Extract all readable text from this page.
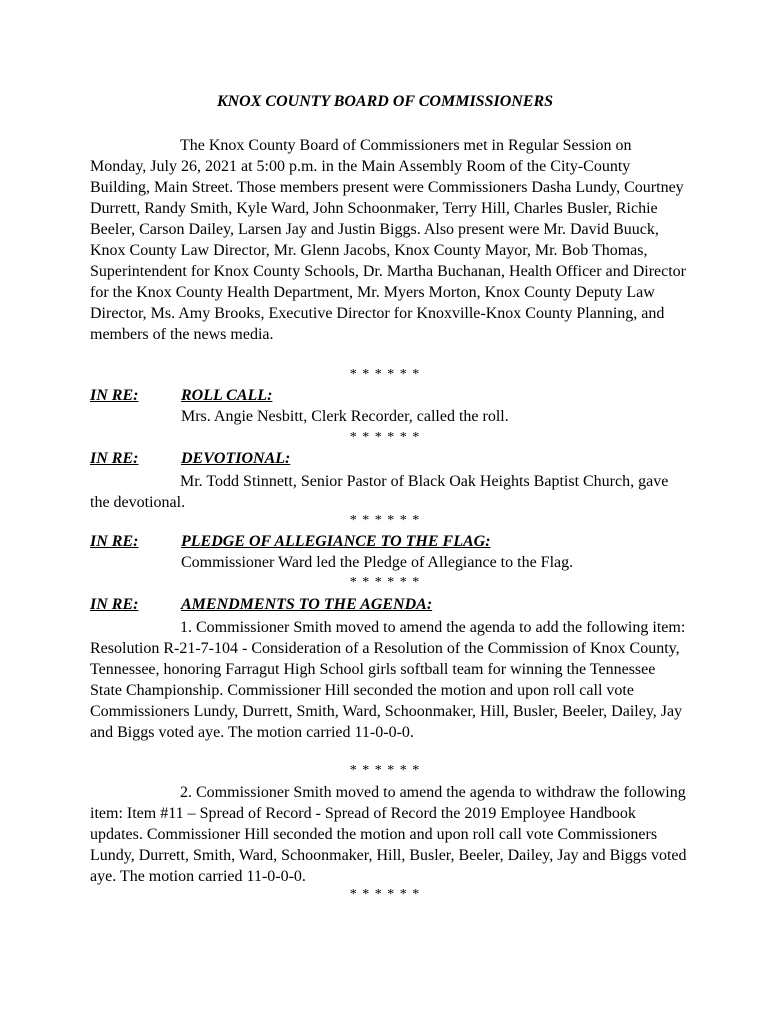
KNOX COUNTY BOARD OF COMMISSIONERS

The Knox County Board of Commissioners met in Regular Session on Monday, July 26, 2021 at 5:00 p.m. in the Main Assembly Room of the City-County Building, Main Street. Those members present were Commissioners Dasha Lundy, Courtney Durrett, Randy Smith, Kyle Ward, John Schoonmaker, Terry Hill, Charles Busler, Richie Beeler, Carson Dailey, Larsen Jay and Justin Biggs. Also present were Mr. David Buuck, Knox County Law Director, Mr. Glenn Jacobs, Knox County Mayor, Mr. Bob Thomas, Superintendent for Knox County Schools, Dr. Martha Buchanan, Health Officer and Director for the Knox County Health Department, Mr. Myers Morton, Knox County Deputy Law Director, Ms. Amy Brooks, Executive Director for Knoxville-Knox County Planning, and members of the news media.

* * * * * *
IN RE:	ROLL CALL:
Mrs. Angie Nesbitt, Clerk Recorder, called the roll.
* * * * * *
IN RE:	DEVOTIONAL:

Mr. Todd Stinnett, Senior Pastor of Black Oak Heights Baptist Church, gave the devotional.

* * * * * *
IN RE:	PLEDGE OF ALLEGIANCE TO THE FLAG:
Commissioner Ward led the Pledge of Allegiance to the Flag.
* * * * * *
IN RE:	AMENDMENTS TO THE AGENDA:

1. Commissioner Smith moved to amend the agenda to add the following item: Resolution R-21-7-104 - Consideration of a Resolution of the Commission of Knox County, Tennessee, honoring Farragut High School girls softball team for winning the Tennessee State Championship. Commissioner Hill seconded the motion and upon roll call vote Commissioners Lundy, Durrett, Smith, Ward, Schoonmaker, Hill, Busler, Beeler, Dailey, Jay and Biggs voted aye. The motion carried 11-0-0-0.

* * * * * *

2. Commissioner Smith moved to amend the agenda to withdraw the following item: Item #11 – Spread of Record - Spread of Record the 2019 Employee Handbook updates. Commissioner Hill seconded the motion and upon roll call vote Commissioners Lundy, Durrett, Smith, Ward, Schoonmaker, Hill, Busler, Beeler, Dailey, Jay and Biggs voted aye. The motion carried 11-0-0-0.

* * * * * *
